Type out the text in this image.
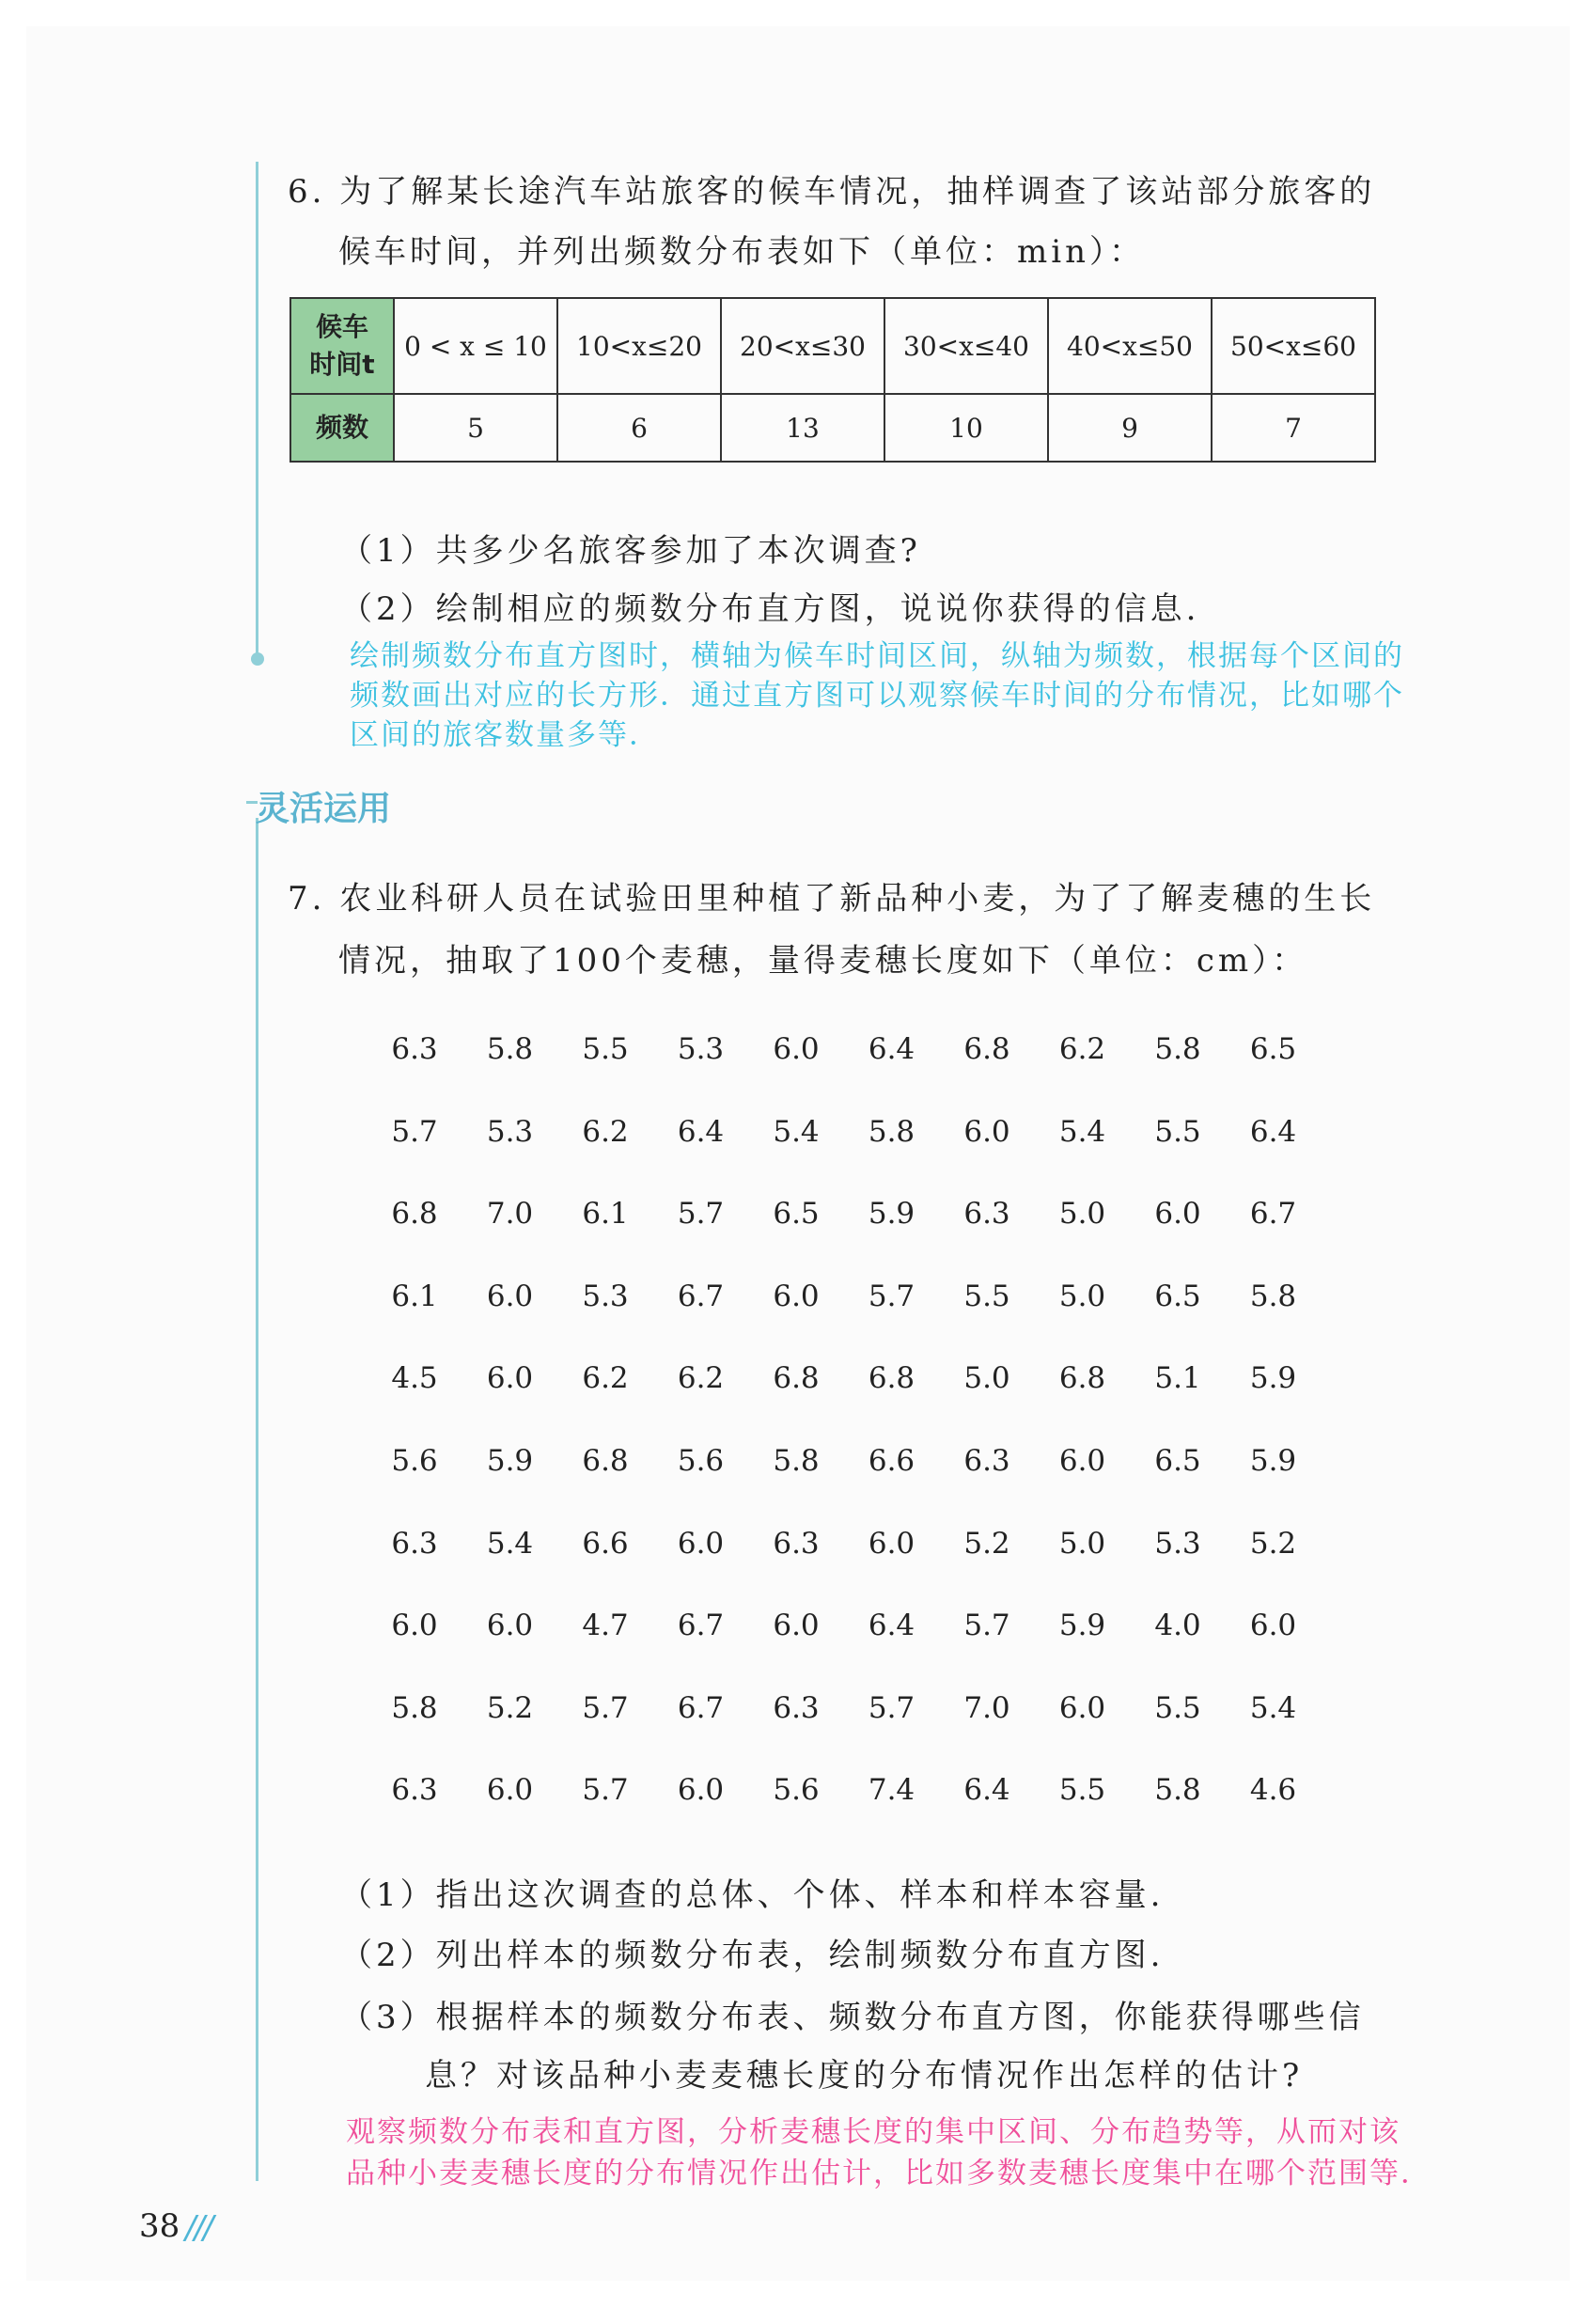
6. 为了解某长途汽车站旅客的候车情况，抽样调查了该站部分旅客的
候车时间，并列出频数分布表如下（单位：min）：
候车
时间t	0 < x ≤ 10	10<x≤20	20<x≤30	30<x≤40	40<x≤50	50<x≤60
频数	5	6	13	10	9	7
（1）共多少名旅客参加了本次调查?
（2）绘制相应的频数分布直方图，说说你获得的信息.
绘制频数分布直方图时，横轴为候车时间区间，纵轴为频数，根据每个区间的
频数画出对应的长方形．通过直方图可以观察候车时间的分布情况，比如哪个
区间的旅客数量多等．
灵活运用
7. 农业科研人员在试验田里种植了新品种小麦，为了了解麦穗的生长
情况，抽取了100个麦穗，量得麦穗长度如下（单位：cm）：
6.3	5.8	5.5	5.3	6.0	6.4	6.8	6.2	5.8	6.5
5.7	5.3	6.2	6.4	5.4	5.8	6.0	5.4	5.5	6.4
6.8	7.0	6.1	5.7	6.5	5.9	6.3	5.0	6.0	6.7
6.1	6.0	5.3	6.7	6.0	5.7	5.5	5.0	6.5	5.8
4.5	6.0	6.2	6.2	6.8	6.8	5.0	6.8	5.1	5.9
5.6	5.9	6.8	5.6	5.8	6.6	6.3	6.0	6.5	5.9
6.3	5.4	6.6	6.0	6.3	6.0	5.2	5.0	5.3	5.2
6.0	6.0	4.7	6.7	6.0	6.4	5.7	5.9	4.0	6.0
5.8	5.2	5.7	6.7	6.3	5.7	7.0	6.0	5.5	5.4
6.3	6.0	5.7	6.0	5.6	7.4	6.4	5.5	5.8	4.6
（1）指出这次调查的总体、个体、样本和样本容量.
（2）列出样本的频数分布表，绘制频数分布直方图.
（3）根据样本的频数分布表、频数分布直方图，你能获得哪些信
息？对该品种小麦麦穗长度的分布情况作出怎样的估计?
观察频数分布表和直方图，分析麦穗长度的集中区间、分布趋势等，从而对该
品种小麦麦穗长度的分布情况作出估计，比如多数麦穗长度集中在哪个范围等．
38 ///
